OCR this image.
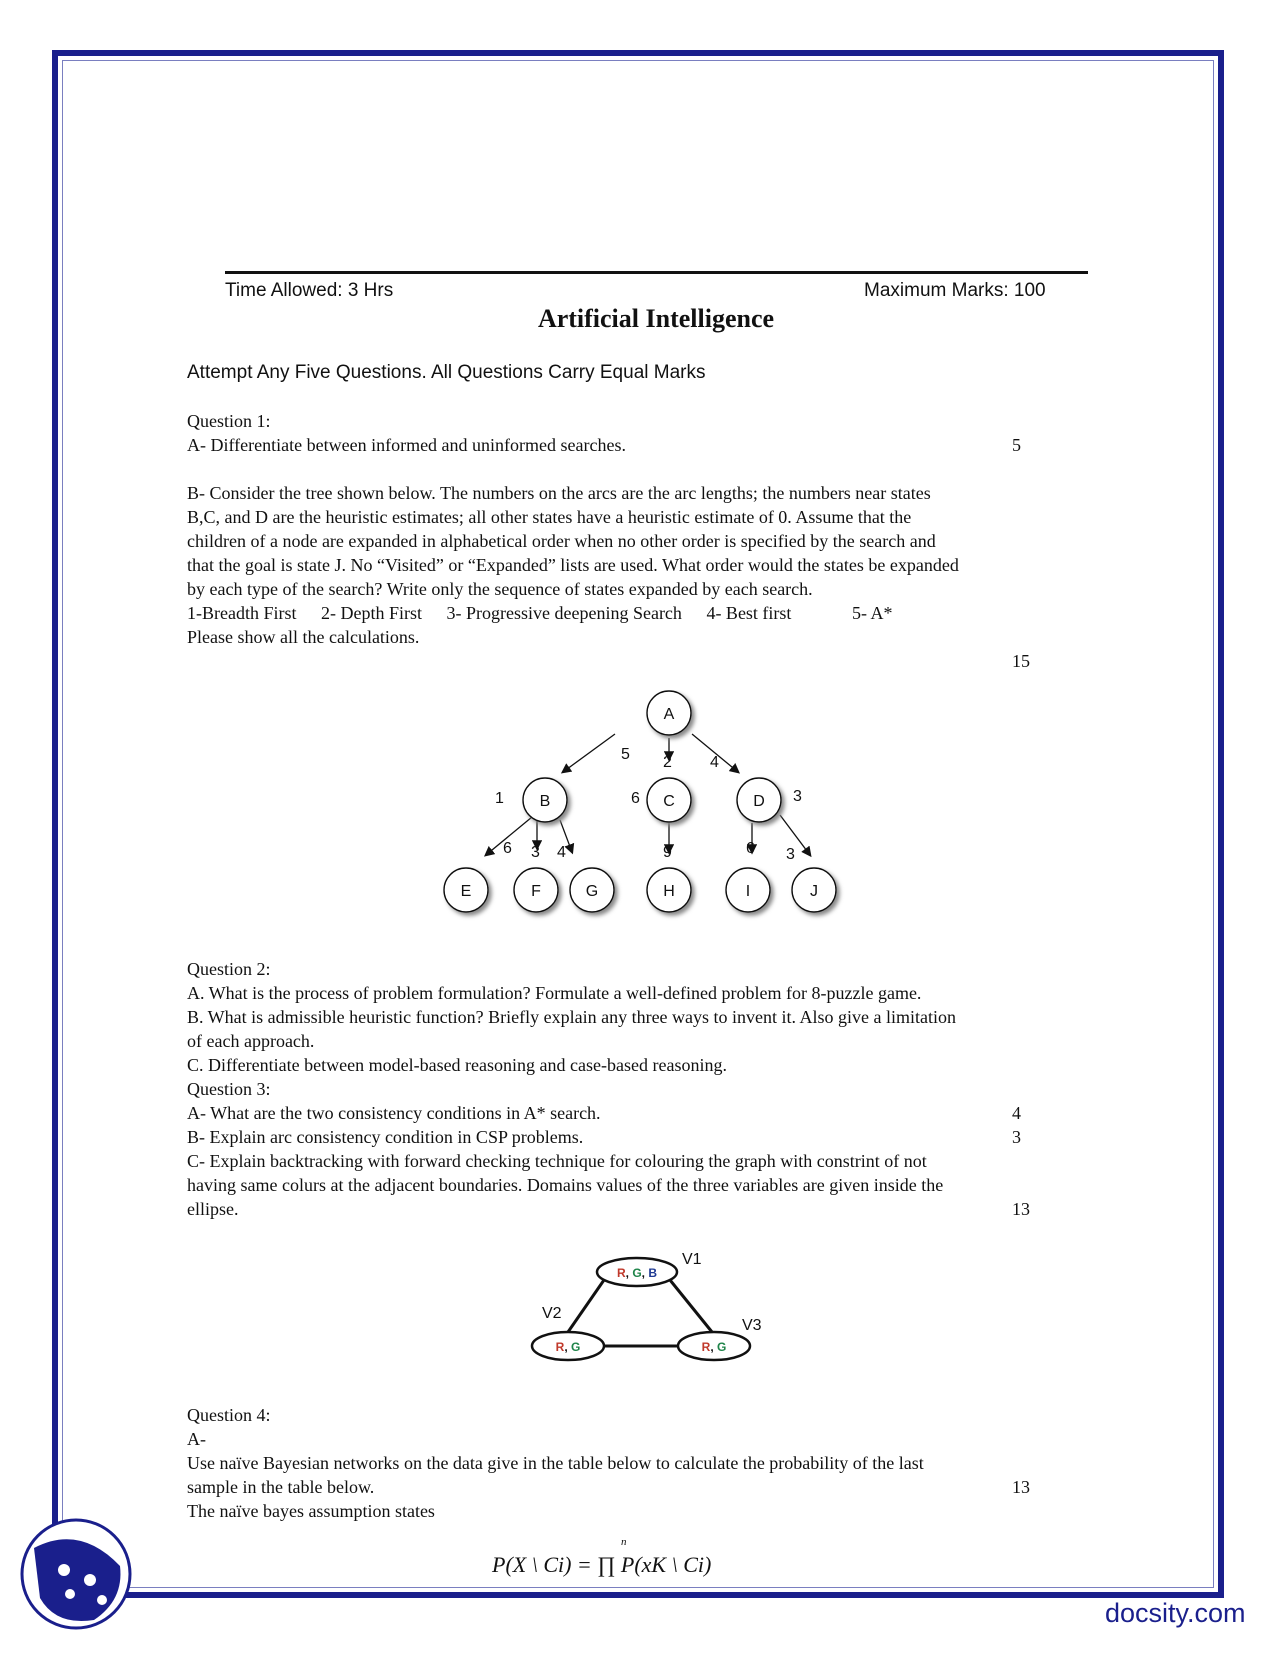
Time Allowed: 3 Hrs	Maximum Marks: 100
Artificial Intelligence
Attempt Any Five Questions. All Questions Carry Equal Marks
Question 1:
A- Differentiate between informed and uninformed searches.	5
B- Consider the tree shown below. The numbers on the arcs are the arc lengths; the numbers near states
B,C, and D are the heuristic estimates; all other states have a heuristic estimate of 0. Assume that the
children of a node are expanded in alphabetical order when no other order is specified by the search and
that the goal is state J. No “Visited” or “Expanded” lists are used. What order would the states be expanded
by each type of the search? Write only the sequence of states expanded by each search.
1-Breadth First 2- Depth First 3- Progressive deepening Search 4- Best first	5- A*
Please show all the calculations.
15
A
B	C	D
E	F	G	H	I	J
5 2 4
6 3 4	9	6 3
1	6	3
Question 2:
A. What is the process of problem formulation? Formulate a well-defined problem for 8-puzzle game.
B. What is admissible heuristic function? Briefly explain any three ways to invent it. Also give a limitation
of each approach.
C. Differentiate between model-based reasoning and case-based reasoning.
Question 3:
A- What are the two consistency conditions in A* search.	4
B- Explain arc consistency condition in CSP problems.	3
C- Explain backtracking with forward checking technique for colouring the graph with constrint of not
having same colurs at the adjacent boundaries. Domains values of the three variables are given inside the
ellipse.	13
R, G, B
R, G	R, G
V1
V2
V3
Question 4:
A-
Use naïve Bayesian networks on the data give in the table below to calculate the probability of the last
sample in the table below.	13
The naïve bayes assumption states
n
P(X \ Ci) = ∏ P(xK \ Ci)
docsity.com
